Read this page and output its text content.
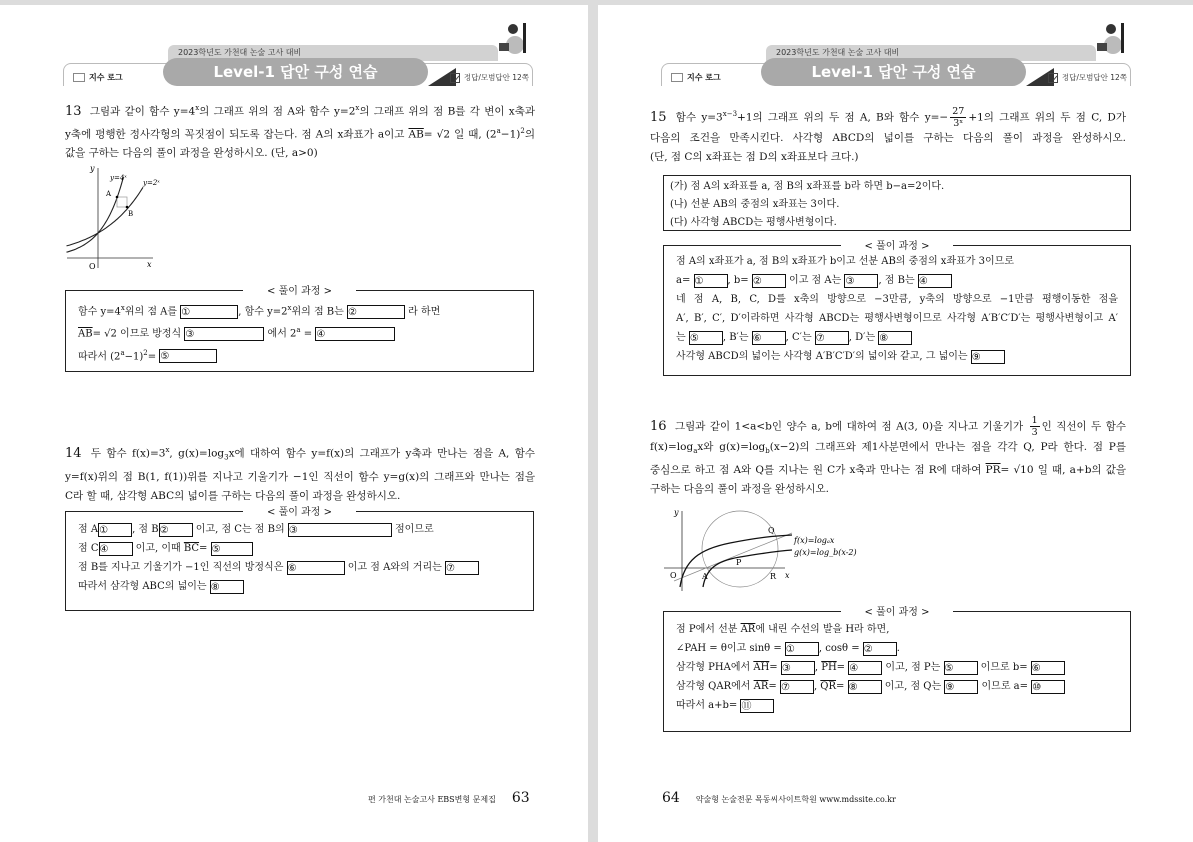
2023학년도 가천대 논술 고사 대비
Level-1 답안 구성 연습
지수 로그	정답/모범답안 12쪽
13 그림과 같이 함수 $y=4^x$의 그래프 위의 점 A와 함수 $y=2^x$의 그래프 위의 점 B를 각 변이 x축과
y축에 평행한 정사각형의 꼭짓점이 되도록 잡는다. 점 A의 x좌표가 a이고 $\overline{AB}= √2$ 일 때, $(2^a-1)^2$의
값을 구하는 다음의 풀이 과정을 완성하시오. (단, a>0)
y
x
O
A
B
y=4ˣ
y=2ˣ
< 풀이 과정 >
함수 $y=4^x$위의 점 A를 ①	, 함수 $y=2^x$위의 점 B는 ②	라 하면
$\overline{AB}= √2$ 이므로 방정식 ③	에서 $2^a$ = ④
따라서 $(2^a-1)^2=$ ⑤
14 두 함수 $f(x)=3^x$, $g(x)=\log_3x$에 대하여 함수 y=f(x)의 그래프가 y축과 만나는 점을 A, 함수
y=f(x)위의 점 B(1, f(1))위를 지나고 기울기가 −1인 직선이 함수 y=g(x)의 그래프와 만나는 점을
C라 할 때, 삼각형 ABC의 넓이를 구하는 다음의 풀이 과정을 완성하시오.
< 풀이 과정 >
점 A① , 점 B② 이고, 점 C는 점 B의 ③	점이므로
점 C④ 이고, 이때 $\overline{BC}=$ ⑤
점 B를 지나고 기울기가 −1인 직선의 방정식은 ⑥	이고 점 A와의 거리는 ⑦
따라서 삼각형 ABC의 넓이는 ⑧
편 가천대 논술고사 EBS변형 문제집 63
2023학년도 가천대 논술 고사 대비
Level-1 답안 구성 연습
지수 로그	정답/모범답안 12쪽
15 함수 $y=3^{x-3}+1$의 그래프 위의 두 점 A, B와 함수 $y=- \frac{27}{\text{3ˣ}} +1$의 그래프 위의 두 점 C, D가
다음의 조건을 만족시킨다. 사각형 ABCD의 넓이를 구하는 다음의 풀이 과정을 완성하시오.
(단, 점 C의 x좌표는 점 D의 x좌표보다 크다.)
(가) 점 A의 x좌표를 a, 점 B의 x좌표를 b라 하면 b−a=2이다.
(나) 선분 AB의 중점의 x좌표는 3이다.
(다) 사각형 ABCD는 평행사변형이다.
< 풀이 과정 >
점 A의 x좌표가 a, 점 B의 x좌표가 b이고 선분 AB의 중점의 x좌표가 3이므로
a= ① , b= ② 이고 점 A는 ③ , 점 B는 ④
네 점 A, B, C, D를 x축의 방향으로 −3만큼, y축의 방향으로 −1만큼 평행이동한 점을
A′, B′, C′, D′이라하면 사각형 ABCD는 평행사변형이므로 사각형 A′B′C′D′는 평행사변형이고 A′
는 ⑤ , B′는 ⑥ , C′는 ⑦ , D′는 ⑧
사각형 ABCD의 넓이는 사각형 A′B′C′D′의 넓이와 같고, 그 넓이는 ⑨
16 그림과 같이 1<a<b인 양수 a, b에 대하여 점 A(3, 0)을 지나고 기울기가 $\frac{1}{3}$ 인 직선이 두 함수
$f(x)=\log_ax$와 $g(x)=\log_b(x-2)$의 그래프와 제1사분면에서 만나는 점을 각각 Q, P라 한다. 점 P를
중심으로 하고 점 A와 Q를 지나는 원 C가 x축과 만나는 점 R에 대하여 $\overline{PR}= √10$ 일 때, a+b의 값을
구하는 다음의 풀이 과정을 완성하시오.
y
x
O	A
P
Q
R
f(x)=logₐx
g(x)=log_b(x-2)
< 풀이 과정 >
점 P에서 선분 $\overline{AR}$에 내린 수선의 발을 H라 하면,
∠PAH = θ이고 sinθ = ① , cosθ = ② .
삼각형 PHA에서 $\overline{AH}=$ ③ , $\overline{PH}=$ ④ 이고, 점 P는 ⑤ 이므로 b= ⑥
삼각형 QAR에서 $\overline{AR}=$ ⑦ , $\overline{QR}=$ ⑧ 이고, 점 Q는 ⑨ 이므로 a= ⑩
따라서 a+b= ⑪
64 약술형 논술전문 목동씨사이트학원 www.mdssite.co.kr
